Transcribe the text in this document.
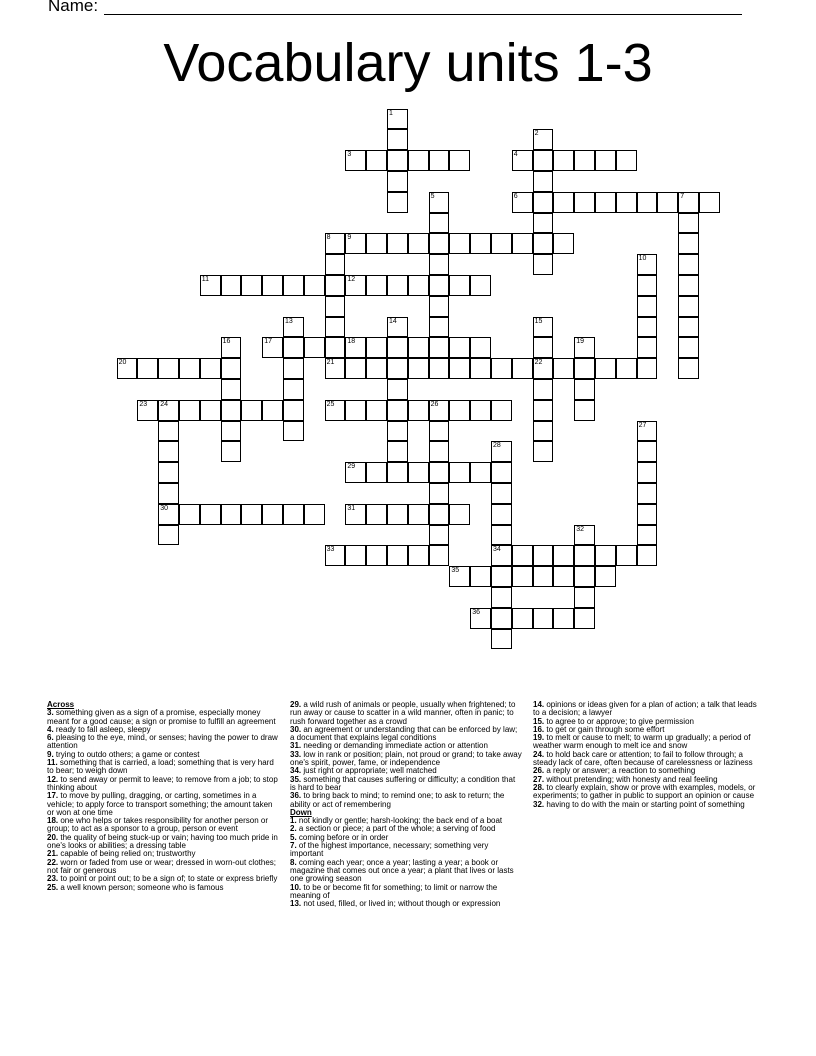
Name:
Vocabulary units 1-3
3	4
6	7
9
11	12
17	18
20	21	22
23 24	25	26
29
30	31
33	34
35
36
1
2
5
8
10
13	14	15
16	19
27
28
32

Across

3. something given as a sign of a promise, especially money meant for a good cause; a sign or promise to fulfill an agreement

4. ready to fall asleep, sleepy

6. pleasing to the eye, mind, or senses; having the power to draw attention

9. trying to outdo others; a game or contest

11. something that is carried, a load; something that is very hard to bear; to weigh down

12. to send away or permit to leave; to remove from a job; to stop thinking about

17. to move by pulling, dragging, or carting, sometimes in a vehicle; to apply force to transport something; the amount taken or won at one time

18. one who helps or takes responsibility for another person or group; to act as a sponsor to a group, person or event

20. the quality of being stuck-up or vain; having too much pride in one's looks or abilities; a dressing table

21. capable of being relied on; trustworthy

22. worn or faded from use or wear; dressed in worn-out clothes; not fair or generous

23. to point or point out; to be a sign of; to state or express briefly

25. a well known person; someone who is famous

29. a wild rush of animals or people, usually when frightened; to run away or cause to scatter in a wild manner, often in panic; to rush forward together as a crowd

30. an agreement or understanding that can be enforced by law; a document that explains legal conditions

31. needing or demanding immediate action or attention

33. low in rank or position; plain, not proud or grand; to take away one's spirit, power, fame, or independence

34. just right or appropriate; well matched

35. something that causes suffering or difficulty; a condition that is hard to bear

36. to bring back to mind; to remind one; to ask to return; the ability or act of remembering

Down

1. not kindly or gentle; harsh-looking; the back end of a boat

2. a section or piece; a part of the whole; a serving of food

5. coming before or in order

7. of the highest importance, necessary; something very important

8. coming each year; once a year; lasting a year; a book or magazine that comes out once a year; a plant that lives or lasts one growing season

10. to be or become fit for something; to limit or narrow the meaning of

13. not used, filled, or lived in; without though or expression

14. opinions or ideas given for a plan of action; a talk that leads to a decision; a lawyer

15. to agree to or approve; to give permission

16. to get or gain through some effort

19. to melt or cause to melt; to warm up gradually; a period of weather warm enough to melt ice and snow

24. to hold back care or attention; to fail to follow through; a steady lack of care, often because of carelessness or laziness

26. a reply or answer; a reaction to something

27. without pretending; with honesty and real feeling

28. to clearly explain, show or prove with examples, models, or experiments; to gather in public to support an opinion or cause

32. having to do with the main or starting point of something
